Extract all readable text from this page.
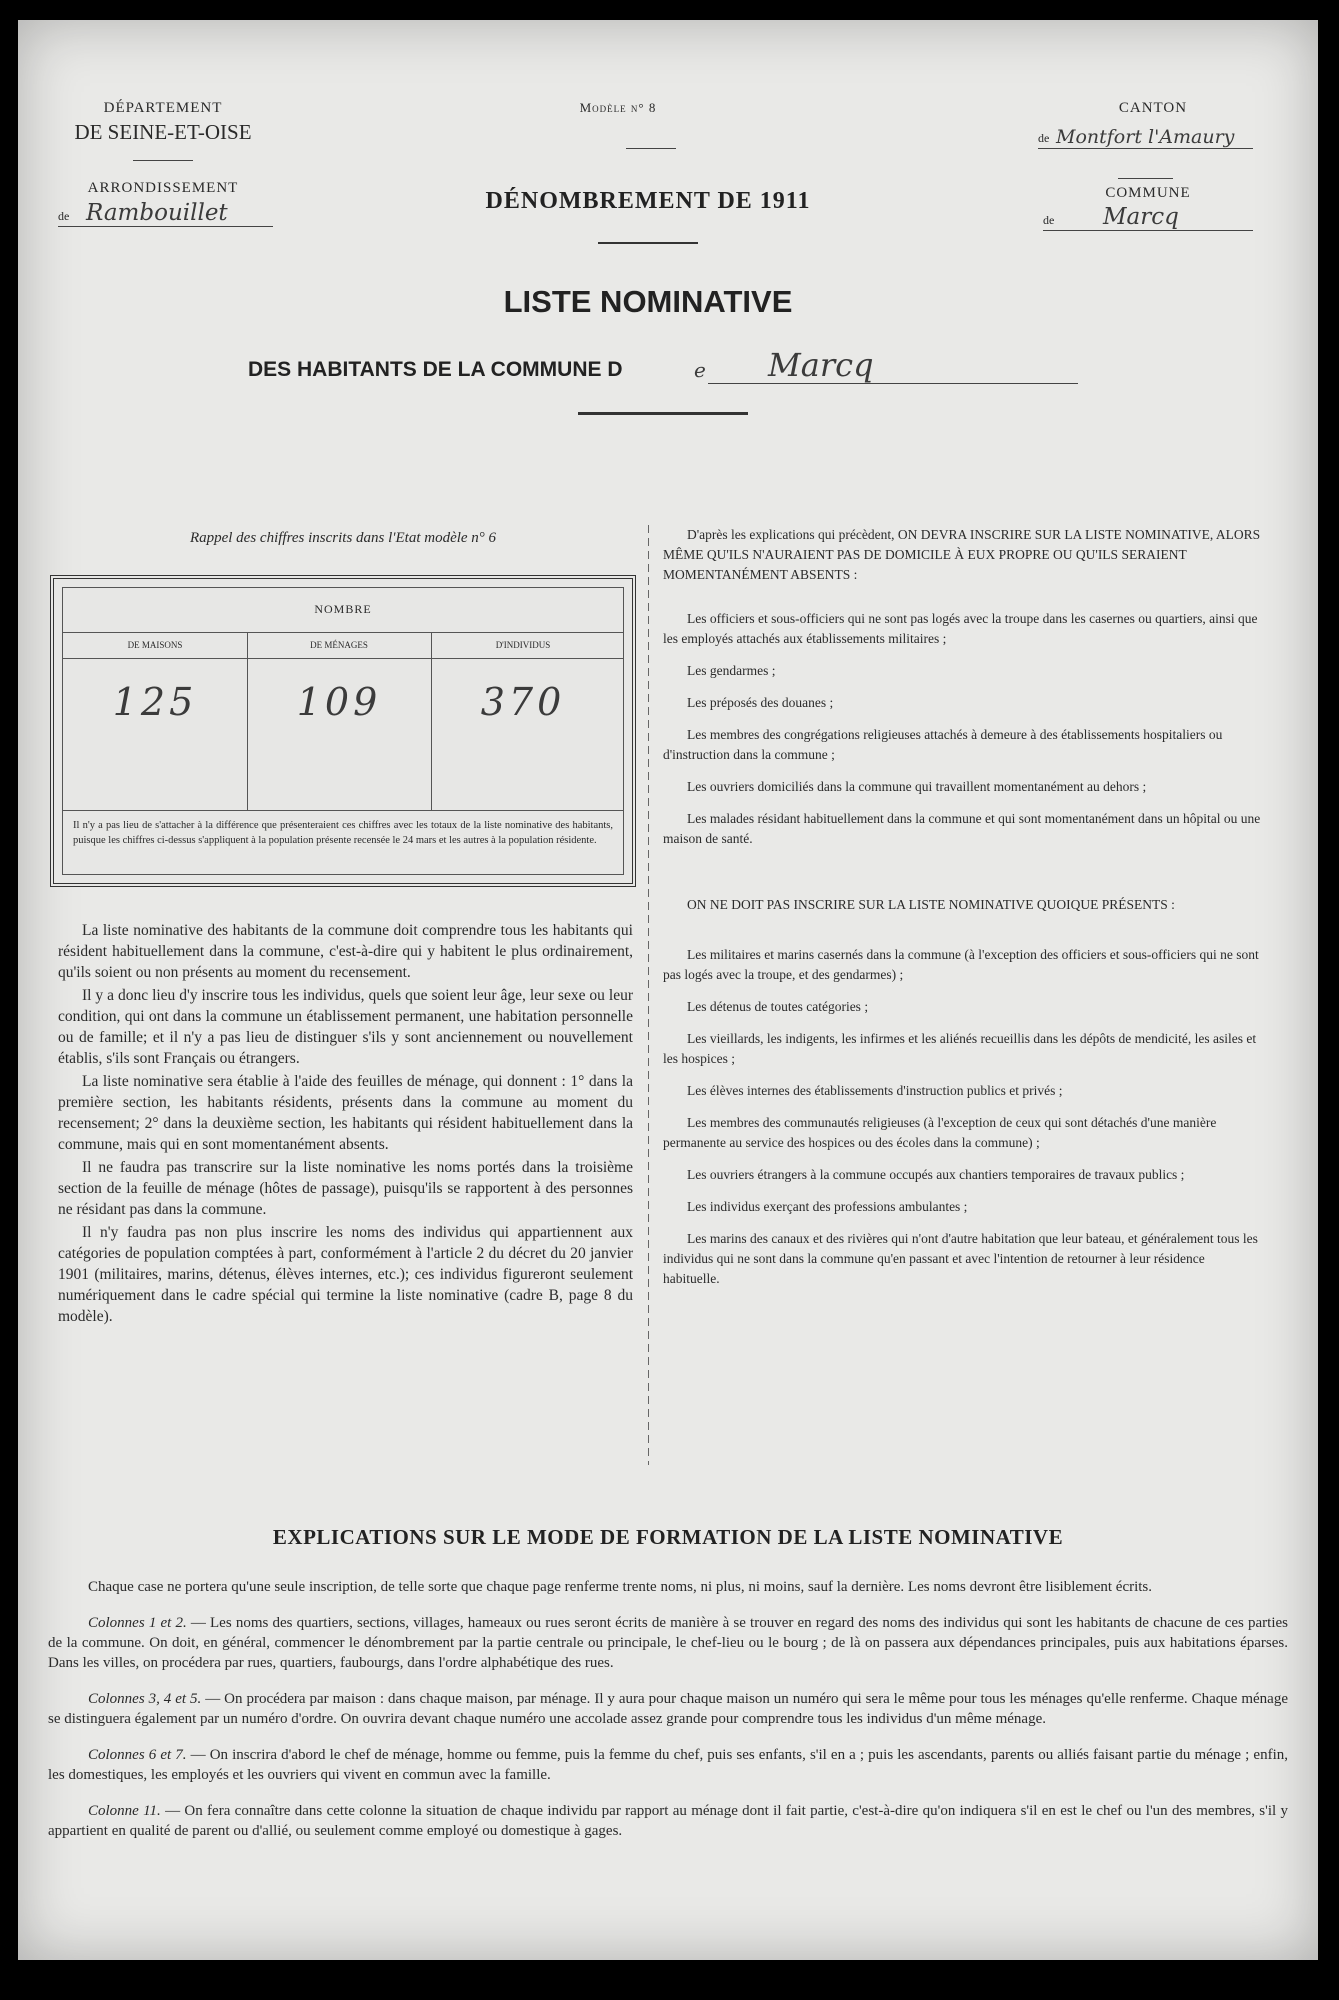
DÉPARTEMENT
DE SEINE-ET-OISE
ARRONDISSEMENT
de Rambouillet
Modèle n° 8
DÉNOMBREMENT DE 1911
CANTON
de Montfort l'Amaury
COMMUNE
de Marcq
LISTE NOMINATIVE
DES HABITANTS DE LA COMMUNE D	e Marcq
Rappel des chiffres inscrits dans l'Etat modèle n° 6
NOMBRE
DE MAISONS	DE MÉNAGES	D'INDIVIDUS
125	109	370
Il n'y a pas lieu de s'attacher à la différence que présenteraient ces chiffres avec les totaux de la liste nominative des habitants, puisque les chiffres ci-dessus s'appliquent à la population présente recensée le 24 mars et les autres à la population résidente.

La liste nominative des habitants de la commune doit comprendre tous les habitants qui résident habituellement dans la commune, c'est-à-dire qui y habitent le plus ordinairement, qu'ils soient ou non présents au moment du recensement.

Il y a donc lieu d'y inscrire tous les individus, quels que soient leur âge, leur sexe ou leur condition, qui ont dans la commune un établissement permanent, une habitation personnelle ou de famille; et il n'y a pas lieu de distinguer s'ils y sont anciennement ou nouvellement établis, s'ils sont Français ou étrangers.

La liste nominative sera établie à l'aide des feuilles de ménage, qui donnent : 1° dans la première section, les habitants résidents, présents dans la commune au moment du recensement; 2° dans la deuxième section, les habitants qui résident habituellement dans la commune, mais qui en sont momentanément absents.

Il ne faudra pas transcrire sur la liste nominative les noms portés dans la troisième section de la feuille de ménage (hôtes de passage), puisqu'ils se rapportent à des personnes ne résidant pas dans la commune.

Il n'y faudra pas non plus inscrire les noms des individus qui appartiennent aux catégories de population comptées à part, conformément à l'article 2 du décret du 20 janvier 1901 (militaires, marins, détenus, élèves internes, etc.); ces individus figureront seulement numériquement dans le cadre spécial qui termine la liste nominative (cadre B, page 8 du modèle).

D'après les explications qui précèdent, ON DEVRA INSCRIRE SUR LA LISTE NOMINATIVE, ALORS MÊME QU'ILS N'AURAIENT PAS DE DOMICILE À EUX PROPRE OU QU'ILS SERAIENT MOMENTANÉMENT ABSENTS :

Les officiers et sous-officiers qui ne sont pas logés avec la troupe dans les casernes ou quartiers, ainsi que les employés attachés aux établissements militaires ;

Les gendarmes ;

Les préposés des douanes ;

Les membres des congrégations religieuses attachés à demeure à des établissements hospitaliers ou d'instruction dans la commune ;

Les ouvriers domiciliés dans la commune qui travaillent momentanément au dehors ;

Les malades résidant habituellement dans la commune et qui sont momentanément dans un hôpital ou une maison de santé.

ON NE DOIT PAS INSCRIRE SUR LA LISTE NOMINATIVE QUOIQUE PRÉSENTS :

Les militaires et marins casernés dans la commune (à l'exception des officiers et sous-officiers qui ne sont pas logés avec la troupe, et des gendarmes) ;

Les détenus de toutes catégories ;

Les vieillards, les indigents, les infirmes et les aliénés recueillis dans les dépôts de mendicité, les asiles et les hospices ;

Les élèves internes des établissements d'instruction publics et privés ;

Les membres des communautés religieuses (à l'exception de ceux qui sont détachés d'une manière permanente au service des hospices ou des écoles dans la commune) ;

Les ouvriers étrangers à la commune occupés aux chantiers temporaires de travaux publics ;

Les individus exerçant des professions ambulantes ;

Les marins des canaux et des rivières qui n'ont d'autre habitation que leur bateau, et généralement tous les individus qui ne sont dans la commune qu'en passant et avec l'intention de retourner à leur résidence habituelle.

EXPLICATIONS SUR LE MODE DE FORMATION DE LA LISTE NOMINATIVE

Chaque case ne portera qu'une seule inscription, de telle sorte que chaque page renferme trente noms, ni plus, ni moins, sauf la dernière. Les noms devront être lisiblement écrits.

Colonnes 1 et 2. — Les noms des quartiers, sections, villages, hameaux ou rues seront écrits de manière à se trouver en regard des noms des individus qui sont les habitants de chacune de ces parties de la commune. On doit, en général, commencer le dénombrement par la partie centrale ou principale, le chef-lieu ou le bourg ; de là on passera aux dépendances principales, puis aux habitations éparses. Dans les villes, on procédera par rues, quartiers, faubourgs, dans l'ordre alphabétique des rues.

Colonnes 3, 4 et 5. — On procédera par maison : dans chaque maison, par ménage. Il y aura pour chaque maison un numéro qui sera le même pour tous les ménages qu'elle renferme. Chaque ménage se distinguera également par un numéro d'ordre. On ouvrira devant chaque numéro une accolade assez grande pour comprendre tous les individus d'un même ménage.

Colonnes 6 et 7. — On inscrira d'abord le chef de ménage, homme ou femme, puis la femme du chef, puis ses enfants, s'il en a ; puis les ascendants, parents ou alliés faisant partie du ménage ; enfin, les domestiques, les employés et les ouvriers qui vivent en commun avec la famille.

Colonne 11. — On fera connaître dans cette colonne la situation de chaque individu par rapport au ménage dont il fait partie, c'est-à-dire qu'on indiquera s'il en est le chef ou l'un des membres, s'il y appartient en qualité de parent ou d'allié, ou seulement comme employé ou domestique à gages.
